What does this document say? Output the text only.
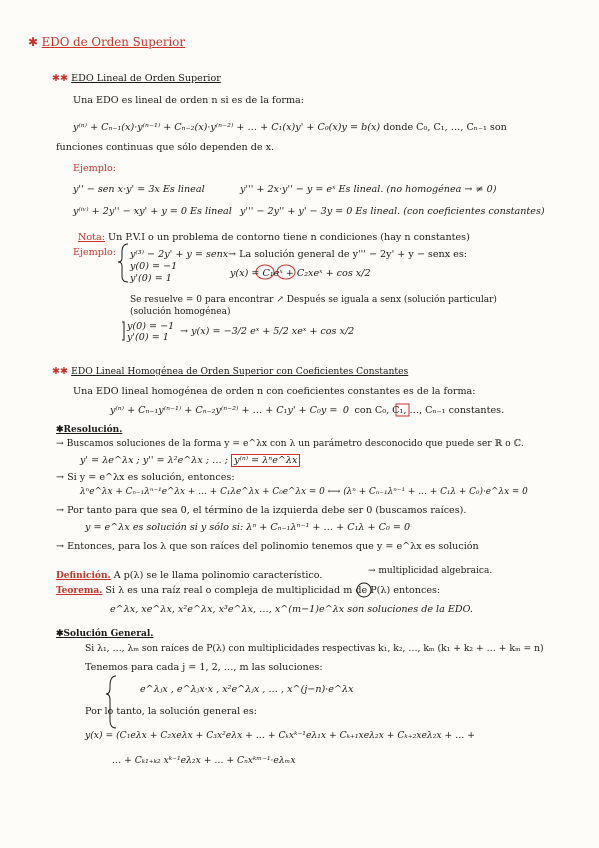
✱ EDO de Orden Superior
✱✱ EDO Lineal de Orden Superior
Una EDO es lineal de orden n si es de la forma:
y⁽ⁿ⁾ + Cₙ₋₁(x)·y⁽ⁿ⁻¹⁾ + Cₙ₋₂(x)·y⁽ⁿ⁻²⁾ + … + C₁(x)y' + C₀(x)y = b(x) donde C₀, C₁, …, Cₙ₋₁ son
funciones continuas que sólo dependen de x.
Ejemplo:
y'' − sen x·y' = 3x Es lineal	y''' + 2x·y'' − y = eˣ Es lineal. (no homogénea → ≠ 0)
y⁽ⁱᵛ⁾ + 2y'' − xy' + y = 0 Es lineal y''' − 2y'' + y' − 3y = 0 Es lineal. (con coeficientes constantes)
Nota: Un P.V.I o un problema de contorno tiene n condiciones (hay n constantes)
Ejemplo: y⁽³⁾ − 2y' + y = senx → La solución general de y''' − 2y' + y − senx es:
y(0) = −1
y'(0) = 1	y(x) = C₁eˣ + C₂xeˣ + cos x/2
Se resuelve = 0 para encontrar ↗ Después se iguala a senx (solución particular)
(solución homogénea)
y(0) = −1
y'(0) = 1
→ y(x) = −3/2 eˣ + 5/2 xeˣ + cos x/2
✱✱ EDO Lineal Homogénea de Orden Superior con Coeficientes Constantes
Una EDO lineal homogénea de orden n con coeficientes constantes es de la forma:
y⁽ⁿ⁾ + Cₙ₋₁y⁽ⁿ⁻¹⁾ + Cₙ₋₂y⁽ⁿ⁻²⁾ + … + C₁y' + C₀y = 0 con C₀, C₁, …, Cₙ₋₁ constantes.
✱Resolución.
→ Buscamos soluciones de la forma y = e^λx con λ un parámetro desconocido que puede ser ℝ o ℂ.
y' = λe^λx ; y'' = λ²e^λx ; … ; y⁽ⁿ⁾ = λⁿe^λx
→ Si y = e^λx es solución, entonces:
λⁿe^λx + Cₙ₋₁λⁿ⁻¹e^λx + … + C₁λe^λx + C₀e^λx = 0 ⟷ (λⁿ + Cₙ₋₁λⁿ⁻¹ + … + C₁λ + C₀)·e^λx = 0
→ Por tanto para que sea 0, el término de la izquierda debe ser 0 (buscamos raíces).
y = e^λx es solución si y sólo si: λⁿ + Cₙ₋₁λⁿ⁻¹ + … + C₁λ + C₀ = 0
→ Entonces, para los λ que son raíces del polinomio tenemos que y = e^λx es solución
Definición. A p(λ) se le llama polinomio característico.	→ multiplicidad algebraica.
Teorema. Si λ es una raíz real o compleja de multiplicidad m de P(λ) entonces:
e^λx, xe^λx, x²e^λx, x³e^λx, …, x^(m−1)e^λx son soluciones de la EDO.
✱Solución General.
Si λ₁, …, λₘ son raíces de P(λ) con multiplicidades respectivas k₁, k₂, …, kₘ (k₁ + k₂ + … + kₘ = n)
Tenemos para cada j = 1, 2, …, m las soluciones:
e^λⱼx , e^λⱼx·x , x²e^λⱼx , … , x^(j−n)·e^λx
Por lo tanto, la solución general es:
y(x) = (C₁eλx + C₂xeλx + C₃x²eλx + … + Cₖxᵏ⁻¹eλ₁x + Cₖ₊₁xeλ₂x + Cₖ₊₂xeλ₂x + … +
… + Cₖ₁₊ₖ₂ xᵏ⁻¹eλ₂x + … + Cₙxᵏᵐ⁻¹·eλₘx
